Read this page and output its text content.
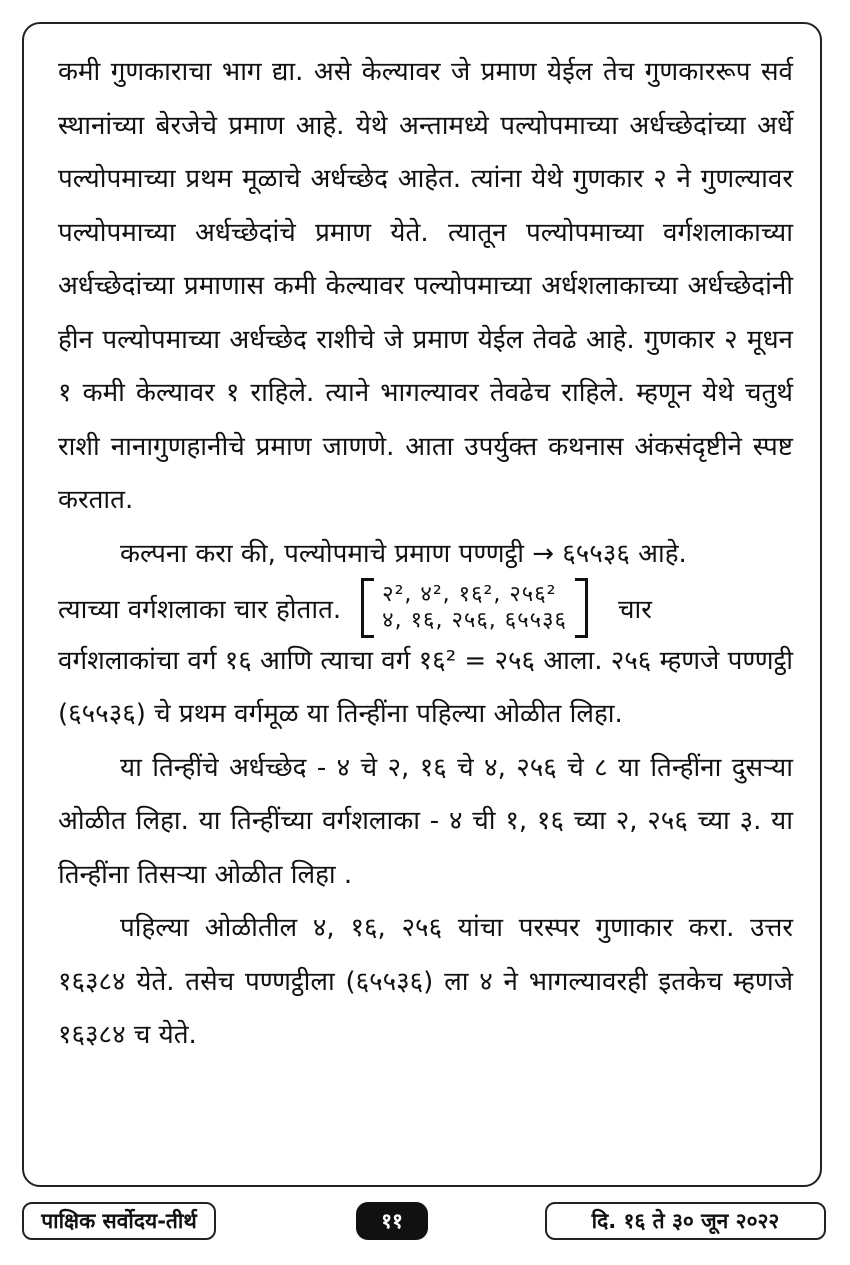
कमी गुणकाराचा भाग द्या. असे केल्यावर जे प्रमाण येईल तेच गुणकाररूप सर्व स्थानांच्या बेरजेचे प्रमाण आहे. येथे अन्तामध्ये पल्योपमाच्या अर्धच्छेदांच्या अर्धे पल्योपमाच्या प्रथम मूळाचे अर्धच्छेद आहेत. त्यांना येथे गुणकार २ ने गुणल्यावर पल्योपमाच्या अर्धच्छेदांचे प्रमाण येते. त्यातून पल्योपमाच्या वर्गशलाकाच्या अर्धच्छेदांच्या प्रमाणास कमी केल्यावर पल्योपमाच्या अर्धशलाकाच्या अर्धच्छेदांनी हीन पल्योपमाच्या अर्धच्छेद राशीचे जे प्रमाण येईल तेवढे आहे. गुणकार २ मूधन १ कमी केल्यावर १ राहिले. त्याने भागल्यावर तेवढेच राहिले. म्हणून येथे चतुर्थ राशी नानागुणहानीचे प्रमाण जाणणे. आता उपर्युक्त कथनास अंकसंदृष्टीने स्पष्ट करतात.

कल्पना करा की, पल्योपमाचे प्रमाण पण्णट्ठी → ६५५३६ आहे.

त्याच्या वर्गशलाका चार होतात.
२², ४², १६², २५६²
४, १६, २५६, ६५५३६ चार

वर्गशलाकांचा वर्ग १६ आणि त्याचा वर्ग १६² = २५६ आला. २५६ म्हणजे पण्णट्ठी (६५५३६) चे प्रथम वर्गमूळ या तिन्हींना पहिल्या ओळीत लिहा.

या तिन्हींचे अर्धच्छेद - ४ चे २, १६ चे ४, २५६ चे ८ या तिन्हींना दुसऱ्या ओळीत लिहा. या तिन्हींच्या वर्गशलाका - ४ ची १, १६ च्या २, २५६ च्या ३. या तिन्हींना तिसऱ्या ओळीत लिहा .

पहिल्या ओळीतील ४, १६, २५६ यांचा परस्पर गुणाकार करा. उत्तर १६३८४ येते. तसेच पण्णट्ठीला (६५५३६) ला ४ ने भागल्यावरही इतकेच म्हणजे १६३८४ च येते.

पाक्षिक सर्वोदय-तीर्थ	११	दि. १६ ते ३० जून २०२२
